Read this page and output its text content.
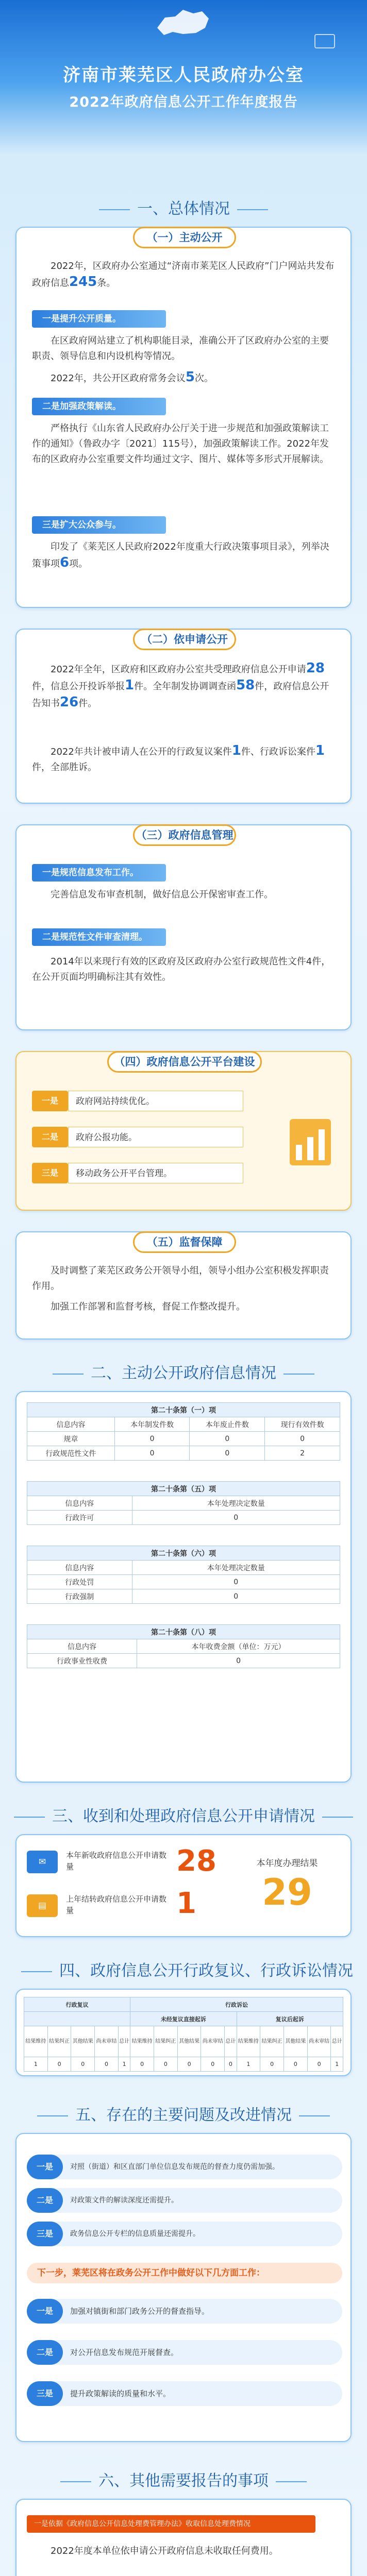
济南市莱芜区人民政府办公室
2022年政府信息公开工作年度报告
一、总体情况
（一）主动公开
2022年，区政府办公室通过“济南市莱芜区人民政府”门户网站共发布政府信息245条。
一是提升公开质量。
在区政府网站建立了机构职能目录，准确公开了区政府办公室的主要职责、领导信息和内设机构等情况。
2022年，共公开区政府常务会议5次。
二是加强政策解读。
严格执行《山东省人民政府办公厅关于进一步规范和加强政策解读工作的通知》（鲁政办字〔2021〕115号），加强政策解读工作。2022年发布的区政府办公室重要文件均通过文字、图片、媒体等多形式开展解读。
三是扩大公众参与。
印发了《莱芜区人民政府2022年度重大行政决策事项目录》，列举决策事项6项。
（二）依申请公开
2022年全年，区政府和区政府办公室共受理政府信息公开申请28件，信息公开投诉举报1件。全年制发协调调查函58件，政府信息公开告知书26件。
2022年共计被申请人在公开的行政复议案件1件、行政诉讼案件1件，全部胜诉。
（三）政府信息管理
一是规范信息发布工作。
完善信息发布审查机制，做好信息公开保密审查工作。
二是规范性文件审查清理。
2014年以来现行有效的区政府及区政府办公室行政规范性文件4件，在公开页面均明确标注其有效性。
（四）政府信息公开平台建设
一是	政府网站持续优化。
二是	政府公报功能。
三是	移动政务公开平台管理。
（五）监督保障
及时调整了莱芜区政务公开领导小组，领导小组办公室积极发挥职责作用。
加强工作部署和监督考核，督促工作整改提升。
二、主动公开政府信息情况
第二十条第（一）项			
信息内容	本年制发件数	本年废止件数	现行有效件数
规章	0	0	0
行政规范性文件	0	0	2
第二十条第（五）项	
信息内容	本年处理决定数量
行政许可	0
第二十条第（六）项	
信息内容	本年处理决定数量
行政处罚	0
行政强制	0
第二十条第（八）项	
信息内容	本年收费金额（单位：万元）
行政事业性收费	0
三、收到和处理政府信息公开申请情况
✉
本年新收政府信息公开申请数量	28
▤
上年结转政府信息公开申请数量	1
本年度办理结果
29
四、政府信息公开行政复议、行政诉讼情况
行政复议					行政诉讼									
					未经复议直接起诉					复议后起诉				
结果维持	结果纠正	其他结果	尚未审结	总计	结果维持	结果纠正	其他结果	尚未审结	总计	结果维持	结果纠正	其他结果	尚未审结	总计
1	0	0	0	1	0	0	0	0	0	1	0	0	0	1
五、存在的主要问题及改进情况
一是	对照（街道）和区直部门单位信息发布规范的督查力度仍需加强。
二是	对政策文件的解读深度还需提升。
三是	政务信息公开专栏的信息质量还需提升。
下一步，莱芜区将在政务公开工作中做好以下几方面工作：
一是	加强对镇街和部门政务公开的督查指导。
二是	对公开信息发布规范开展督查。
三是	提升政策解读的质量和水平。
六、其他需要报告的事项
一是依据《政府信息公开信息处理费管理办法》收取信息处理费情况
2022年度本单位依申请公开政府信息未收取任何费用。
